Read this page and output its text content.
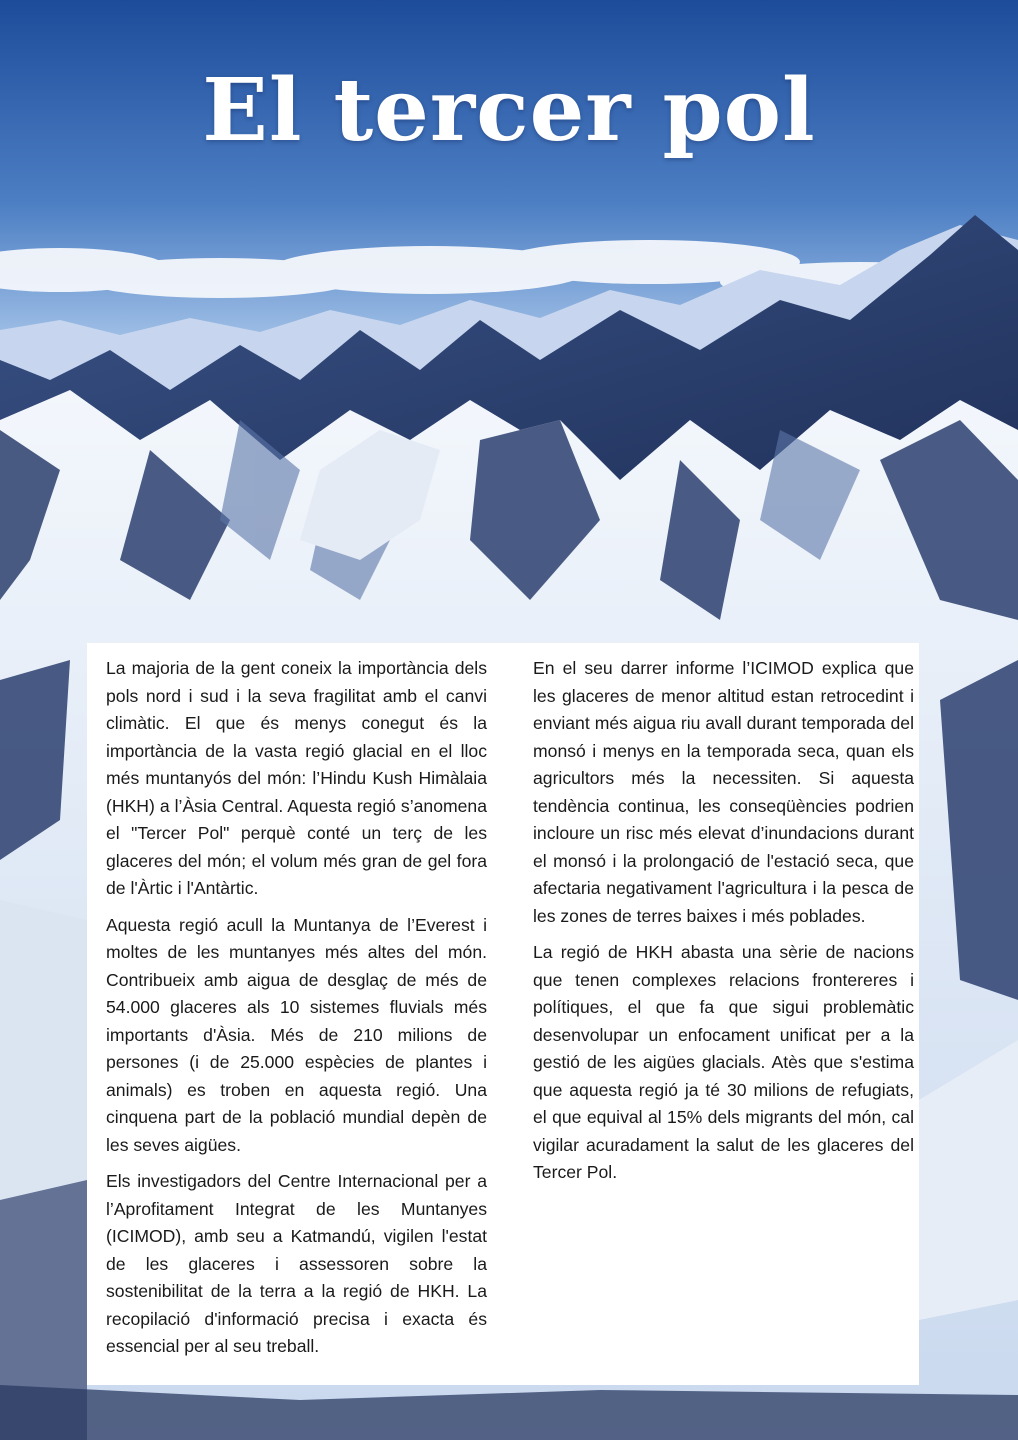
El tercer pol

La majoria de la gent coneix la importància dels pols nord i sud i la seva fragilitat amb el canvi climàtic. El que és menys conegut és la importància de la vasta regió glacial en el lloc més muntanyós del món: l’Hindu Kush Himàlaia (HKH) a l’Àsia Central. Aquesta regió s’anomena el "Tercer Pol" perquè conté un terç de les glaceres del món; el volum més gran de gel fora de l'Àrtic i l'Antàrtic.

Aquesta regió acull la Muntanya de l’Everest i moltes de les muntanyes més altes del món. Contribueix amb aigua de desglaç de més de 54.000 glaceres als 10 sistemes fluvials més importants d'Àsia. Més de 210 milions de persones (i de 25.000 espècies de plantes i animals) es troben en aquesta regió. Una cinquena part de la població mundial depèn de les seves aigües.

Els investigadors del Centre Internacional per a l’Aprofitament Integrat de les Muntanyes (ICIMOD), amb seu a Katmandú, vigilen l'estat de les glaceres i assessoren sobre la sostenibilitat de la terra a la regió de HKH. La recopilació d'informació precisa i exacta és essencial per al seu treball.

En el seu darrer informe l’ICIMOD explica que les glaceres de menor altitud estan retrocedint i enviant més aigua riu avall durant temporada del monsó i menys en la temporada seca, quan els agricultors més la necessiten. Si aquesta tendència continua, les conseqüències podrien incloure un risc més elevat d’inundacions durant el monsó i la prolongació de l'estació seca, que afectaria negativament l'agricultura i la pesca de les zones de terres baixes i més poblades.

La regió de HKH abasta una sèrie de nacions que tenen complexes relacions frontereres i polítiques, el que fa que sigui problemàtic desenvolupar un enfocament unificat per a la gestió de les aigües glacials. Atès que s'estima que aquesta regió ja té 30 milions de refugiats, el que equival al 15% dels migrants del món, cal vigilar acuradament la salut de les glaceres del Tercer Pol.
